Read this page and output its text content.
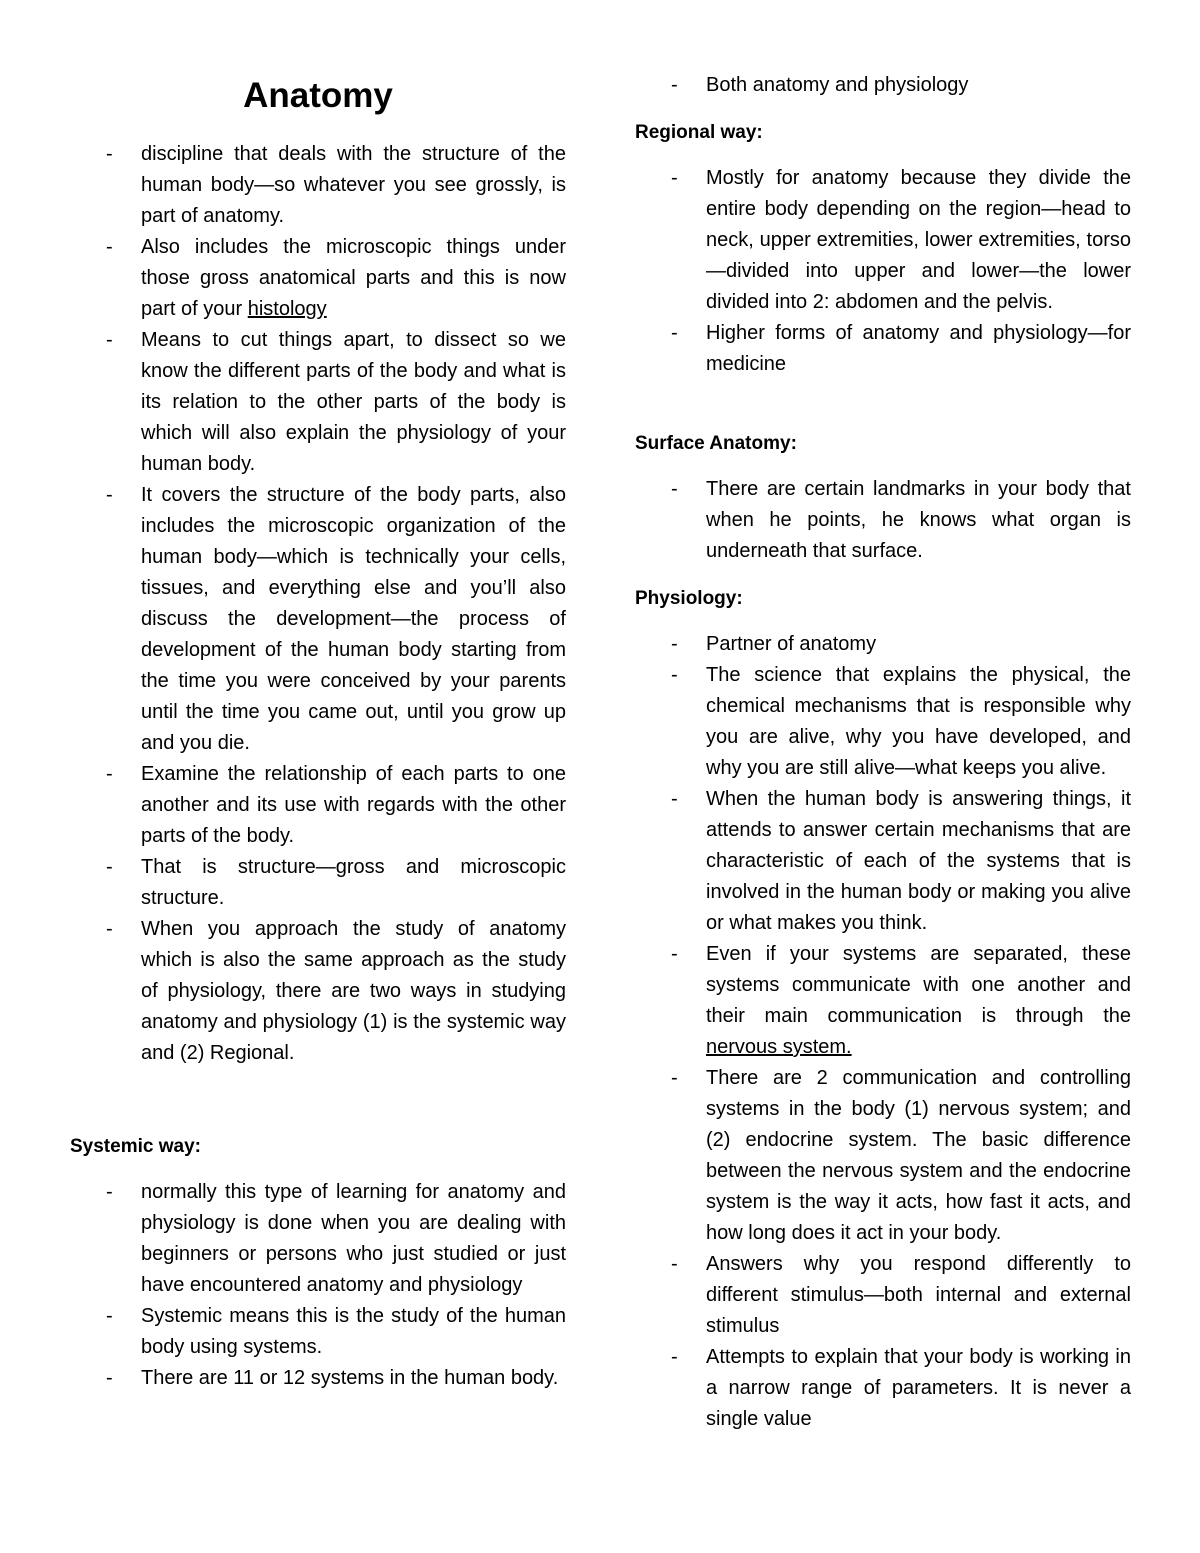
Anatomy
- discipline that deals with the structure of the human body—so whatever you see grossly, is part of anatomy.
- Also includes the microscopic things under those gross anatomical parts and this is now part of your histology
- Means to cut things apart, to dissect so we know the different parts of the body and what is its relation to the other parts of the body is which will also explain the physiology of your human body.
- It covers the structure of the body parts, also includes the microscopic organization of the human body—which is technically your cells, tissues, and everything else and you’ll also discuss the development—the process of development of the human body starting from the time you were conceived by your parents until the time you came out, until you grow up and you die.
- Examine the relationship of each parts to one another and its use with regards with the other parts of the body.
- That is structure—gross and microscopic structure.
- When you approach the study of anatomy which is also the same approach as the study of physiology, there are two ways in studying anatomy and physiology (1) is the systemic way and (2) Regional.

Systemic way:

- normally this type of learning for anatomy and physiology is done when you are dealing with beginners or persons who just studied or just have encountered anatomy and physiology
- Systemic means this is the study of the human body using systems.
- There are 11 or 12 systems in the human body.
- Both anatomy and physiology

Regional way:

- Mostly for anatomy because they divide the entire body depending on the region—head to neck, upper extremities, lower extremities, torso—divided into upper and lower—the lower divided into 2: abdomen and the pelvis.
- Higher forms of anatomy and physiology—for medicine

Surface Anatomy:

- There are certain landmarks in your body that when he points, he knows what organ is underneath that surface.

Physiology:

- Partner of anatomy
- The science that explains the physical, the chemical mechanisms that is responsible why you are alive, why you have developed, and why you are still alive—what keeps you alive.
- When the human body is answering things, it attends to answer certain mechanisms that are characteristic of each of the systems that is involved in the human body or making you alive or what makes you think.
- Even if your systems are separated, these systems communicate with one another and their main communication is through the nervous system.
- There are 2 communication and controlling systems in the body (1) nervous system; and (2) endocrine system. The basic difference between the nervous system and the endocrine system is the way it acts, how fast it acts, and how long does it act in your body.
- Answers why you respond differently to different stimulus—both internal and external stimulus
- Attempts to explain that your body is working in a narrow range of parameters. It is never a single value
